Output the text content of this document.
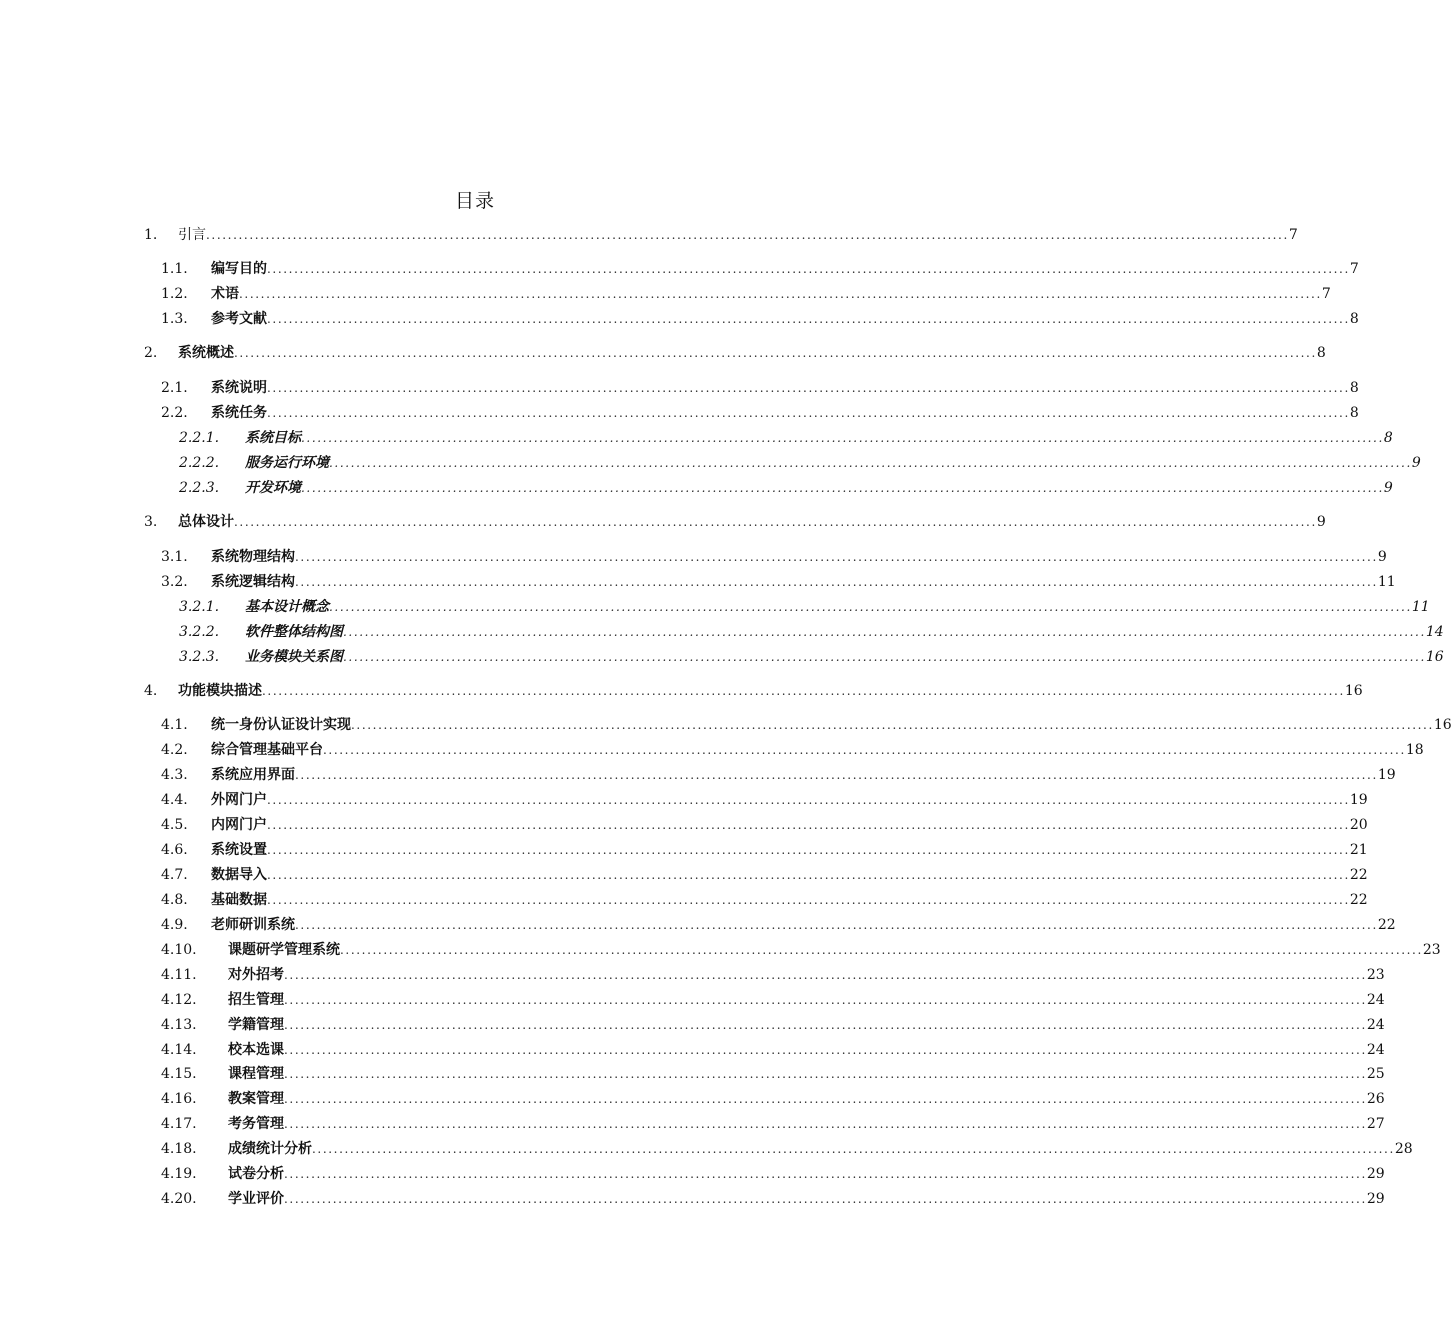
目录
1.	引言 ........................................................................................................................................................................................................ 7
1.1.	编写目的 ........................................................................................................................................................................................................ 7
1.2.	术语 ........................................................................................................................................................................................................ 7
1.3.	参考文献 ........................................................................................................................................................................................................ 8
2.	系统概述 ........................................................................................................................................................................................................ 8
2.1.	系统说明 ........................................................................................................................................................................................................ 8
2.2.	系统任务 ........................................................................................................................................................................................................ 8
2.2.1.	系统目标 ........................................................................................................................................................................................................ 8
2.2.2.	服务运行环境 ........................................................................................................................................................................................................ 9
2.2.3.	开发环境 ........................................................................................................................................................................................................ 9
3.	总体设计 ........................................................................................................................................................................................................ 9
3.1.	系统物理结构 ........................................................................................................................................................................................................ 9
3.2.	系统逻辑结构 ........................................................................................................................................................................................................ 11
3.2.1.	基本设计概念 ........................................................................................................................................................................................................ 11
3.2.2.	软件整体结构图 ........................................................................................................................................................................................................ 14
3.2.3.	业务模块关系图 ........................................................................................................................................................................................................ 16
4.	功能模块描述 ........................................................................................................................................................................................................ 16
4.1.	统一身份认证设计实现 ........................................................................................................................................................................................................ 16
4.2.	综合管理基础平台 ........................................................................................................................................................................................................ 18
4.3.	系统应用界面 ........................................................................................................................................................................................................ 19
4.4.	外网门户 ........................................................................................................................................................................................................ 19
4.5.	内网门户 ........................................................................................................................................................................................................ 20
4.6.	系统设置 ........................................................................................................................................................................................................ 21
4.7.	数据导入 ........................................................................................................................................................................................................ 22
4.8.	基础数据 ........................................................................................................................................................................................................ 22
4.9.	老师研训系统 ........................................................................................................................................................................................................ 22
4.10.	课题研学管理系统 ........................................................................................................................................................................................................ 23
4.11.	对外招考 ........................................................................................................................................................................................................ 23
4.12.	招生管理 ........................................................................................................................................................................................................ 24
4.13.	学籍管理 ........................................................................................................................................................................................................ 24
4.14.	校本选课 ........................................................................................................................................................................................................ 24
4.15.	课程管理 ........................................................................................................................................................................................................ 25
4.16.	教案管理 ........................................................................................................................................................................................................ 26
4.17.	考务管理 ........................................................................................................................................................................................................ 27
4.18.	成绩统计分析 ........................................................................................................................................................................................................ 28
4.19.	试卷分析 ........................................................................................................................................................................................................ 29
4.20.	学业评价 ........................................................................................................................................................................................................ 29
